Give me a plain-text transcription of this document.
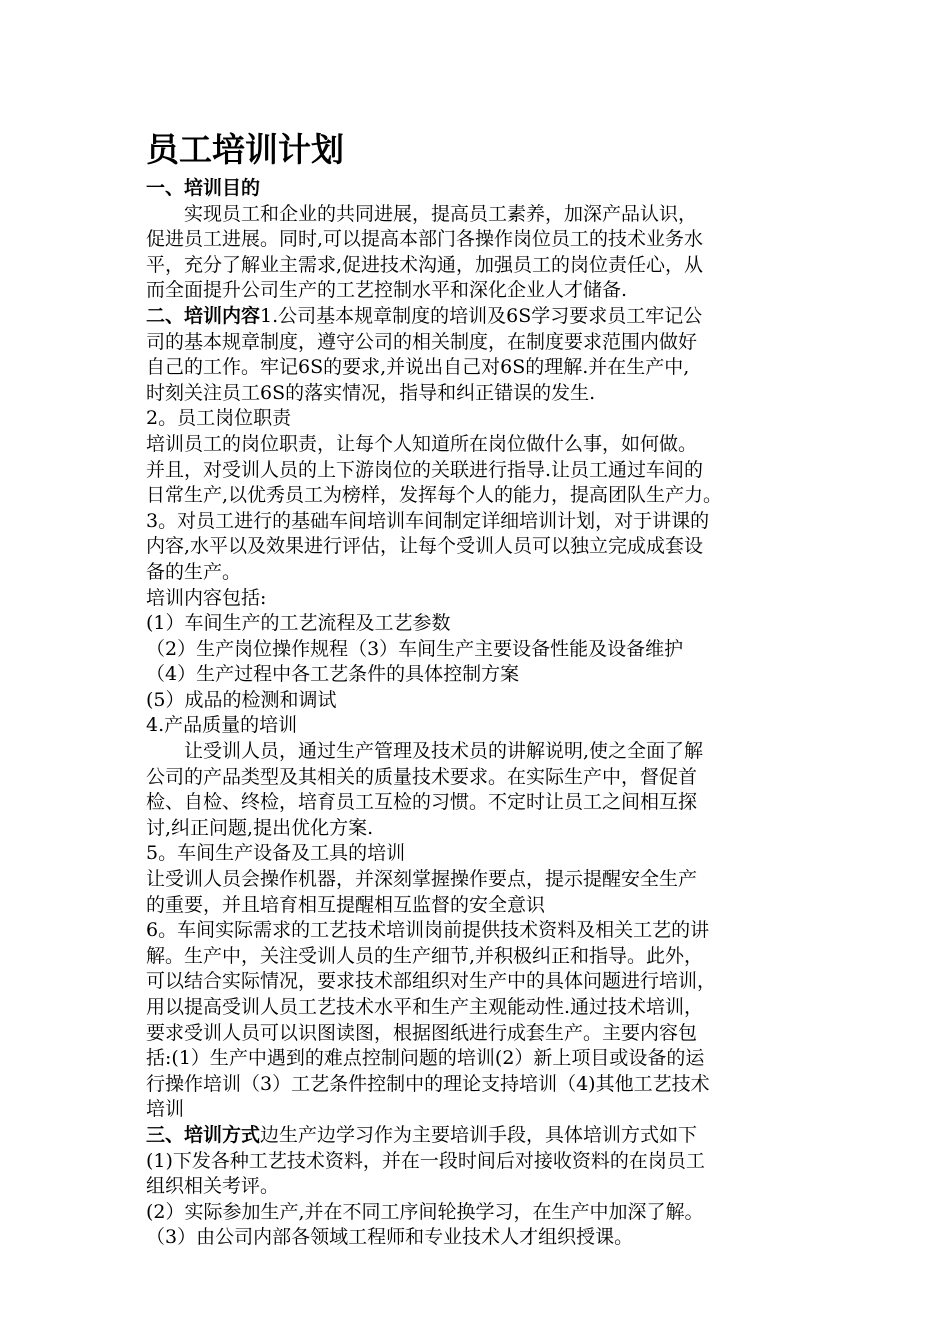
员工培训计划
一、培训目的
实现员工和企业的共同进展，提高员工素养，加深产品认识，
促进员工进展。同时,可以提高本部门各操作岗位员工的技术业务水
平，充分了解业主需求,促进技术沟通，加强员工的岗位责任心，从
而全面提升公司生产的工艺控制水平和深化企业人才储备.
二、培训内容1.公司基本规章制度的培训及6S学习要求员工牢记公
司的基本规章制度，遵守公司的相关制度，在制度要求范围内做好
自己的工作。牢记6S的要求,并说出自己对6S的理解.并在生产中,
时刻关注员工6S的落实情况，指导和纠正错误的发生.
2。员工岗位职责
培训员工的岗位职责，让每个人知道所在岗位做什么事，如何做。
并且，对受训人员的上下游岗位的关联进行指导.让员工通过车间的
日常生产,以优秀员工为榜样，发挥每个人的能力，提高团队生产力。
3。对员工进行的基础车间培训车间制定详细培训计划，对于讲课的
内容,水平以及效果进行评估，让每个受训人员可以独立完成成套设
备的生产。
培训内容包括:
(1）车间生产的工艺流程及工艺参数
（2）生产岗位操作规程（3）车间生产主要设备性能及设备维护
（4）生产过程中各工艺条件的具体控制方案
(5）成品的检测和调试
4.产品质量的培训
让受训人员，通过生产管理及技术员的讲解说明,使之全面了解
公司的产品类型及其相关的质量技术要求。在实际生产中，督促首
检、自检、终检，培育员工互检的习惯。不定时让员工之间相互探
讨,纠正问题,提出优化方案.
5。车间生产设备及工具的培训
让受训人员会操作机器，并深刻掌握操作要点，提示提醒安全生产
的重要，并且培育相互提醒相互监督的安全意识
6。车间实际需求的工艺技术培训岗前提供技术资料及相关工艺的讲
解。生产中，关注受训人员的生产细节,并积极纠正和指导。此外，
可以结合实际情况，要求技术部组织对生产中的具体问题进行培训，
用以提高受训人员工艺技术水平和生产主观能动性.通过技术培训，
要求受训人员可以识图读图，根据图纸进行成套生产。主要内容包
括:(1）生产中遇到的难点控制问题的培训(2）新上项目或设备的运
行操作培训（3）工艺条件控制中的理论支持培训（4)其他工艺技术
培训
三、培训方式边生产边学习作为主要培训手段，具体培训方式如下
(1)下发各种工艺技术资料，并在一段时间后对接收资料的在岗员工
组织相关考评。
(2）实际参加生产,并在不同工序间轮换学习，在生产中加深了解。
（3）由公司内部各领域工程师和专业技术人才组织授课。
